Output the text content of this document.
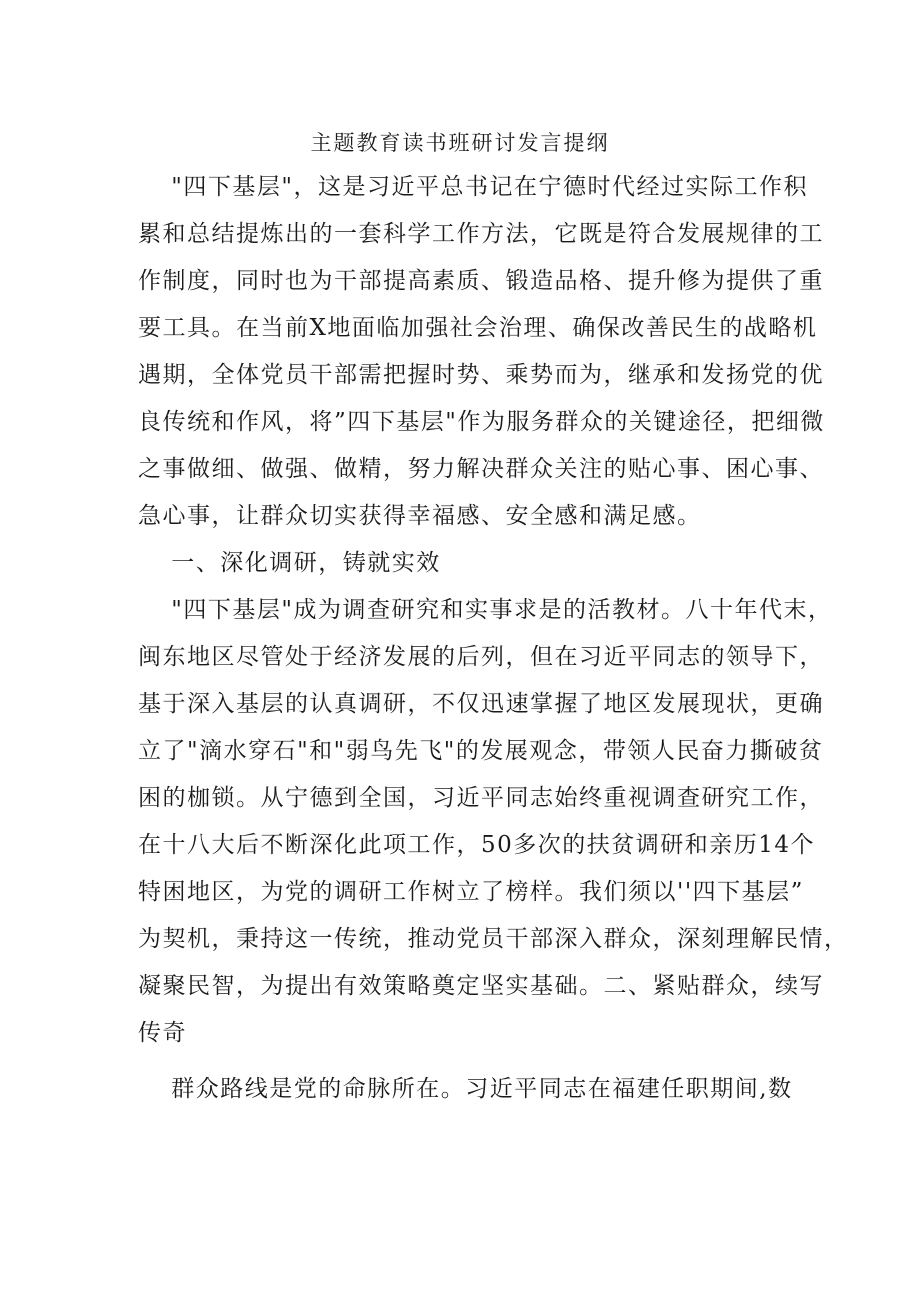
主题教育读书班研讨发言提纲
　 "四下基层"，这是习近平总书记在宁德时代经过实际工作积
累和总结提炼出的一套科学工作方法，它既是符合发展规律的工
作制度，同时也为干部提高素质、锻造品格、提升修为提供了重
要工具。在当前X地面临加强社会治理、确保改善民生的战略机
遇期，全体党员干部需把握时势、乘势而为，继承和发扬党的优
良传统和作风，将”四下基层"作为服务群众的关键途径，把细微
之事做细、做强、做精，努力解决群众关注的贴心事、困心事、
急心事，让群众切实获得幸福感、安全感和满足感。
　 一、深化调研，铸就实效
　 "四下基层"成为调查研究和实事求是的活教材。八十年代末，
闽东地区尽管处于经济发展的后列，但在习近平同志的领导下，
基于深入基层的认真调研，不仅迅速掌握了地区发展现状，更确
立了"滴水穿石"和"弱鸟先飞"的发展观念，带领人民奋力撕破贫
困的枷锁。从宁德到全国，习近平同志始终重视调查研究工作，
在十八大后不断深化此项工作，50多次的扶贫调研和亲历14个
特困地区，为党的调研工作树立了榜样。我们须以''四下基层”
为契机，秉持这一传统，推动党员干部深入群众，深刻理解民情，
凝聚民智，为提出有效策略奠定坚实基础。二、紧贴群众，续写
传奇
　 群众路线是党的命脉所在。习近平同志在福建任职期间,数
